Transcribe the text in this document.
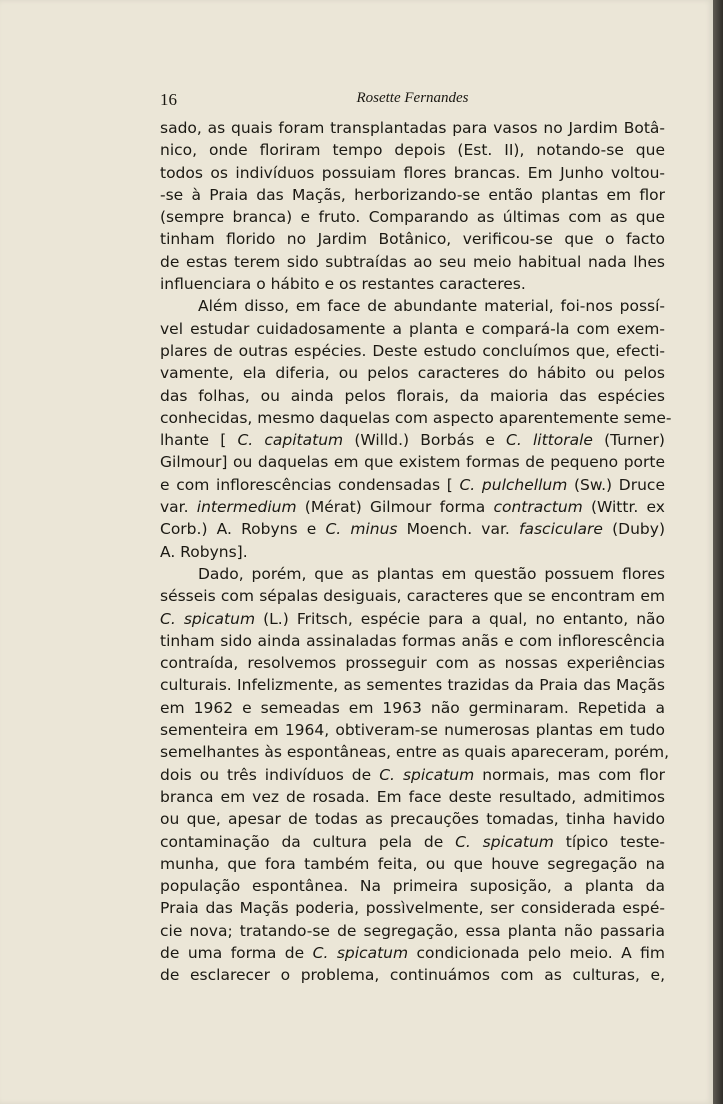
16	Rosette Fernandes
sado, as quais foram transplantadas para vasos no Jardim Botâ-
nico, onde floriram tempo depois (Est. II), notando-se que
todos os indivíduos possuiam flores brancas. Em Junho voltou-
-se à Praia das Maçãs, herborizando-se então plantas em flor
(sempre branca) e fruto. Comparando as últimas com as que
tinham florido no Jardim Botânico, verificou-se que o facto
de estas terem sido subtraídas ao seu meio habitual nada lhes
influenciara o hábito e os restantes caracteres.
Além disso, em face de abundante material, foi-nos possí-
vel estudar cuidadosamente a planta e compará-la com exem-
plares de outras espécies. Deste estudo concluímos que, efecti-
vamente, ela diferia, ou pelos caracteres do hábito ou pelos
das folhas, ou ainda pelos florais, da maioria das espécies
conhecidas, mesmo daquelas com aspecto aparentemente seme-
lhante [ C. capitatum (Willd.) Borbás e C. littorale (Turner)
Gilmour] ou daquelas em que existem formas de pequeno porte
e com inflorescências condensadas [ C. pulchellum (Sw.) Druce
var. intermedium (Mérat) Gilmour forma contractum (Wittr. ex
Corb.) A. Robyns e C. minus Moench. var. fasciculare (Duby)
A. Robyns].
Dado, porém, que as plantas em questão possuem flores
sésseis com sépalas desiguais, caracteres que se encontram em
C. spicatum (L.) Fritsch, espécie para a qual, no entanto, não
tinham sido ainda assinaladas formas anãs e com inflorescência
contraída, resolvemos prosseguir com as nossas experiências
culturais. Infelizmente, as sementes trazidas da Praia das Maçãs
em 1962 e semeadas em 1963 não germinaram. Repetida a
sementeira em 1964, obtiveram-se numerosas plantas em tudo
semelhantes às espontâneas, entre as quais apareceram, porém,
dois ou três indivíduos de C. spicatum normais, mas com flor
branca em vez de rosada. Em face deste resultado, admitimos
ou que, apesar de todas as precauções tomadas, tinha havido
contaminação da cultura pela de C. spicatum típico teste-
munha, que fora também feita, ou que houve segregação na
população espontânea. Na primeira suposição, a planta da
Praia das Maçãs poderia, possìvelmente, ser considerada espé-
cie nova; tratando-se de segregação, essa planta não passaria
de uma forma de C. spicatum condicionada pelo meio. A fim
de esclarecer o problema, continuámos com as culturas, e,
